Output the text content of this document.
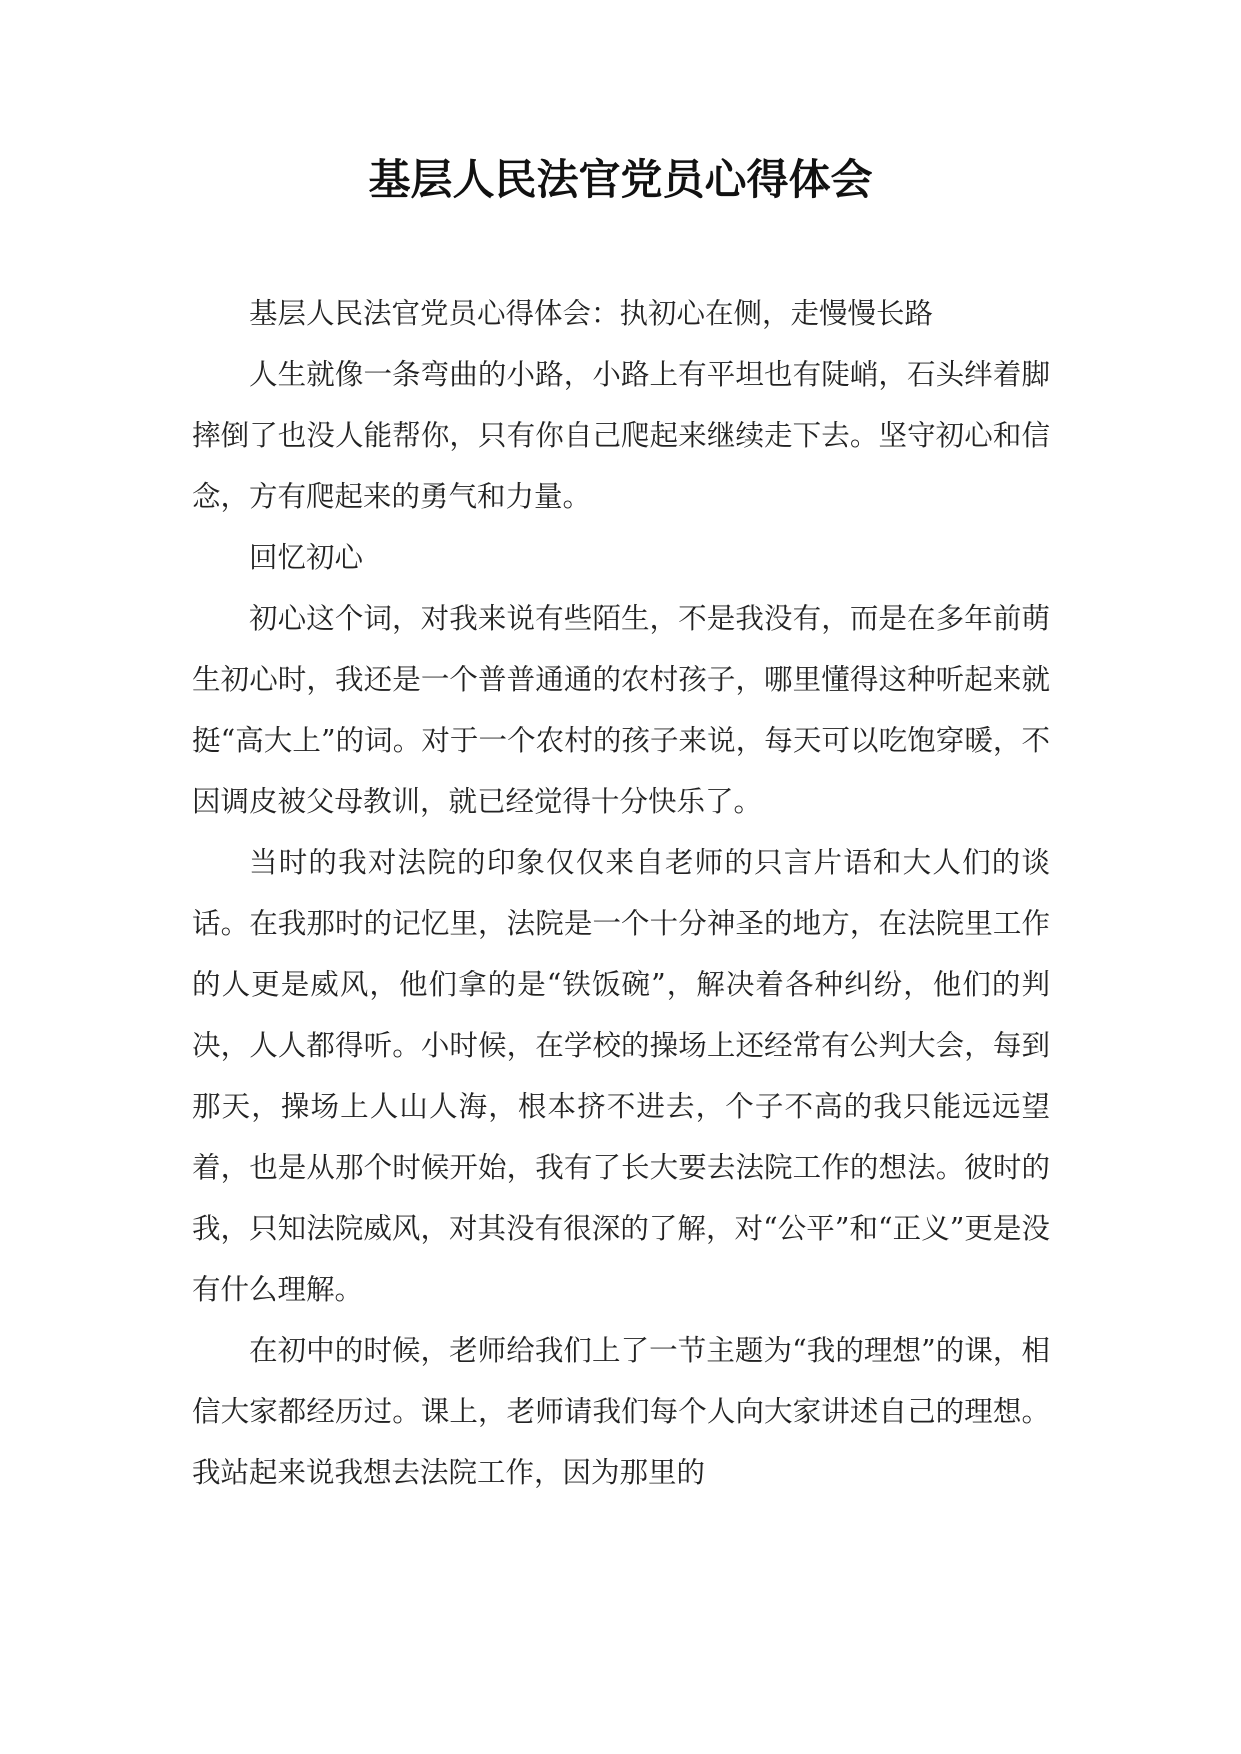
基层人民法官党员心得体会

基层人民法官党员心得体会：执初心在侧，走慢慢长路

人生就像一条弯曲的小路，小路上有平坦也有陡峭，石头绊着脚摔倒了也没人能帮你，只有你自己爬起来继续走下去。坚守初心和信念，方有爬起来的勇气和力量。

回忆初心

初心这个词，对我来说有些陌生，不是我没有，而是在多年前萌生初心时，我还是一个普普通通的农村孩子，哪里懂得这种听起来就挺“高大上”的词。对于一个农村的孩子来说，每天可以吃饱穿暖，不因调皮被父母教训，就已经觉得十分快乐了。

当时的我对法院的印象仅仅来自老师的只言片语和大人们的谈话。在我那时的记忆里，法院是一个十分神圣的地方，在法院里工作的人更是威风，他们拿的是“铁饭碗”，解决着各种纠纷，他们的判决，人人都得听。小时候，在学校的操场上还经常有公判大会，每到那天，操场上人山人海，根本挤不进去，个子不高的我只能远远望着，也是从那个时候开始，我有了长大要去法院工作的想法。彼时的我，只知法院威风，对其没有很深的了解，对“公平”和“正义”更是没有什么理解。

在初中的时候，老师给我们上了一节主题为“我的理想”的课，相信大家都经历过。课上，老师请我们每个人向大家讲述自己的理想。我站起来说我想去法院工作，因为那里的
